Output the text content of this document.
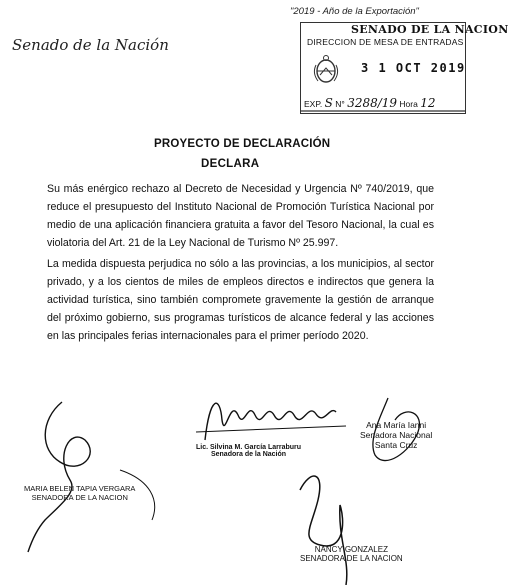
"2019 - Año de la Exportación"
Senado de la Nación
SENADO DE LA NACION
DIRECCION DE MESA DE ENTRADAS
3 1 OCT 2019
EXP. S N° 3288/19 Hora 12
PROYECTO DE DECLARACIÓN
DECLARA
Su más enérgico rechazo al Decreto de Necesidad y Urgencia Nº 740/2019, que reduce el presupuesto del Instituto Nacional de Promoción Turística Nacional por medio de una aplicación financiera gratuita a favor del Tesoro Nacional, la cual es violatoria del Art. 21 de la Ley Nacional de Turismo Nº 25.997.
La medida dispuesta perjudica no sólo a las provincias, a los municipios, al sector privado, y a los cientos de miles de empleos directos e indirectos que genera la actividad turística, sino también compromete gravemente la gestión de arranque del próximo gobierno, sus programas turísticos de alcance federal y las acciones en las principales ferias internacionales para el primer período 2020.
Lic. Silvina M. García Larraburu
Senadora de la Nación
Ana María Ianni
Senadora Nacional
Santa Cruz
MARIA BELEN TAPIA VERGARA
SENADORA DE LA NACION
NANCY GONZALEZ
SENADORA DE LA NACION
